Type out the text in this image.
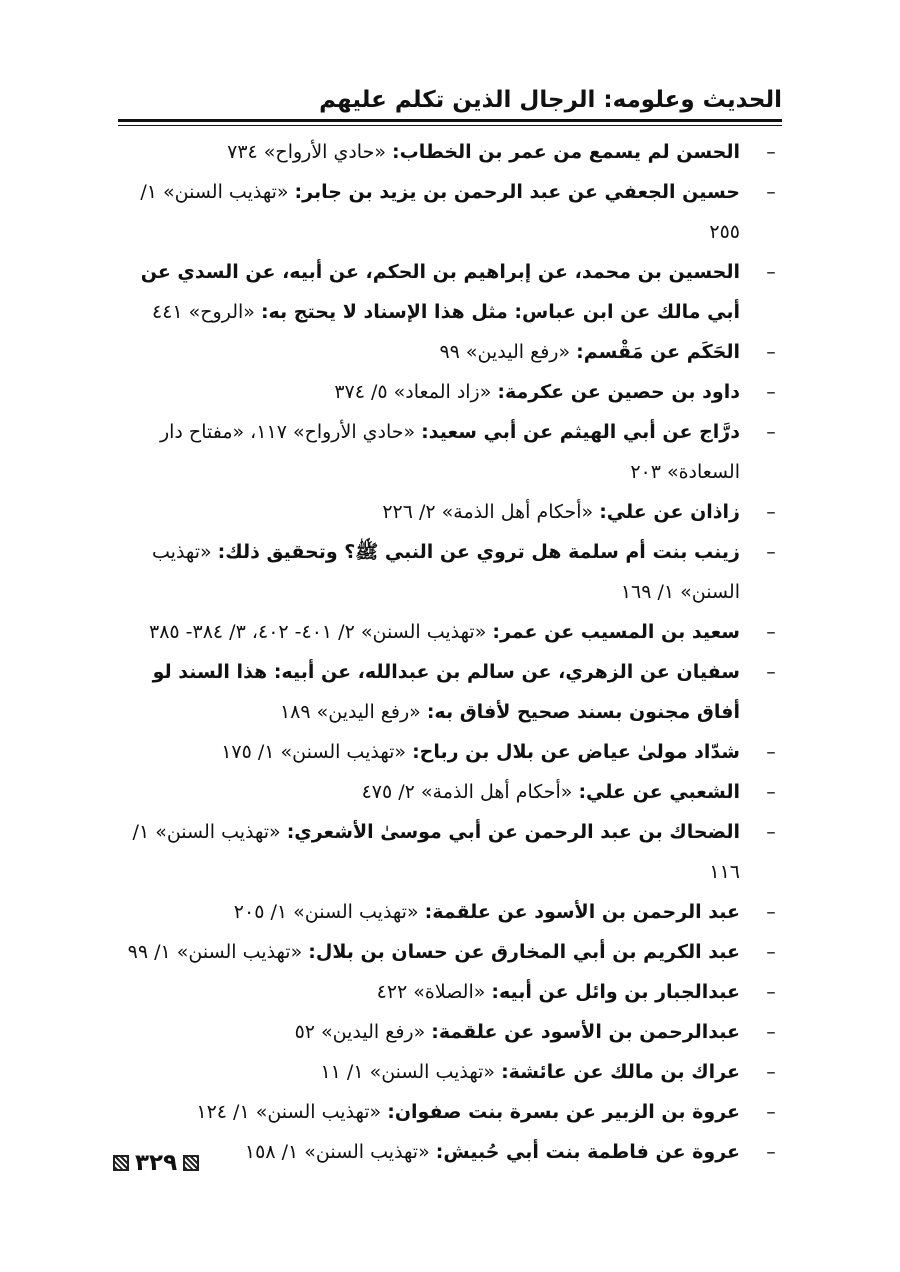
الحديث وعلومه: الرجال الذين تكلم عليهم
–
الحسن لم يسمع من عمر بن الخطاب: «حادي الأرواح» ٧٣٤
–
حسين الجعفي عن عبد الرحمن بن يزيد بن جابر: «تهذيب السنن» ١/ ٢٥٥
–
الحسين بن محمد، عن إبراهيم بن الحكم، عن أبيه، عن السدي عن أبي مالك عن ابن عباس: مثل هذا الإسناد لا يحتج به: «الروح» ٤٤١
–
الحَكَم عن مَقْسم: «رفع اليدين» ٩٩
–
داود بن حصين عن عكرمة: «زاد المعاد» ٥/ ٣٧٤
–
درَّاج عن أبي الهيثم عن أبي سعيد: «حادي الأرواح» ١١٧، «مفتاح دار السعادة» ٢٠٣
–
زاذان عن علي: «أحكام أهل الذمة» ٢/ ٢٢٦
–
زينب بنت أم سلمة هل تروي عن النبي ﷺ؟ وتحقيق ذلك: «تهذيب السنن» ١/ ١٦٩
–
سعيد بن المسيب عن عمر: «تهذيب السنن» ٢/ ٤٠١- ٤٠٢، ٣/ ٣٨٤- ٣٨٥
–
سفيان عن الزهري، عن سالم بن عبدالله، عن أبيه: هذا السند لو أفاق مجنون بسند صحيح لأفاق به: «رفع اليدين» ١٨٩
–
شدّاد مولىٰ عياض عن بلال بن رباح: «تهذيب السنن» ١/ ١٧٥
–
الشعبي عن علي: «أحكام أهل الذمة» ٢/ ٤٧٥
–
الضحاك بن عبد الرحمن عن أبي موسىٰ الأشعري: «تهذيب السنن» ١/ ١١٦
–
عبد الرحمن بن الأسود عن علقمة: «تهذيب السنن» ١/ ٢٠٥
–
عبد الكريم بن أبي المخارق عن حسان بن بلال: «تهذيب السنن» ١/ ٩٩
–
عبدالجبار بن وائل عن أبيه: «الصلاة» ٤٢٢
–
عبدالرحمن بن الأسود عن علقمة: «رفع اليدين» ٥٢
–
عراك بن مالك عن عائشة: «تهذيب السنن» ١/ ١١
–
عروة بن الزبير عن بسرة بنت صفوان: «تهذيب السنن» ١/ ١٢٤
–
عروة عن فاطمة بنت أبي حُبيش: «تهذيب السنن» ١/ ١٥٨
٣٢٩
